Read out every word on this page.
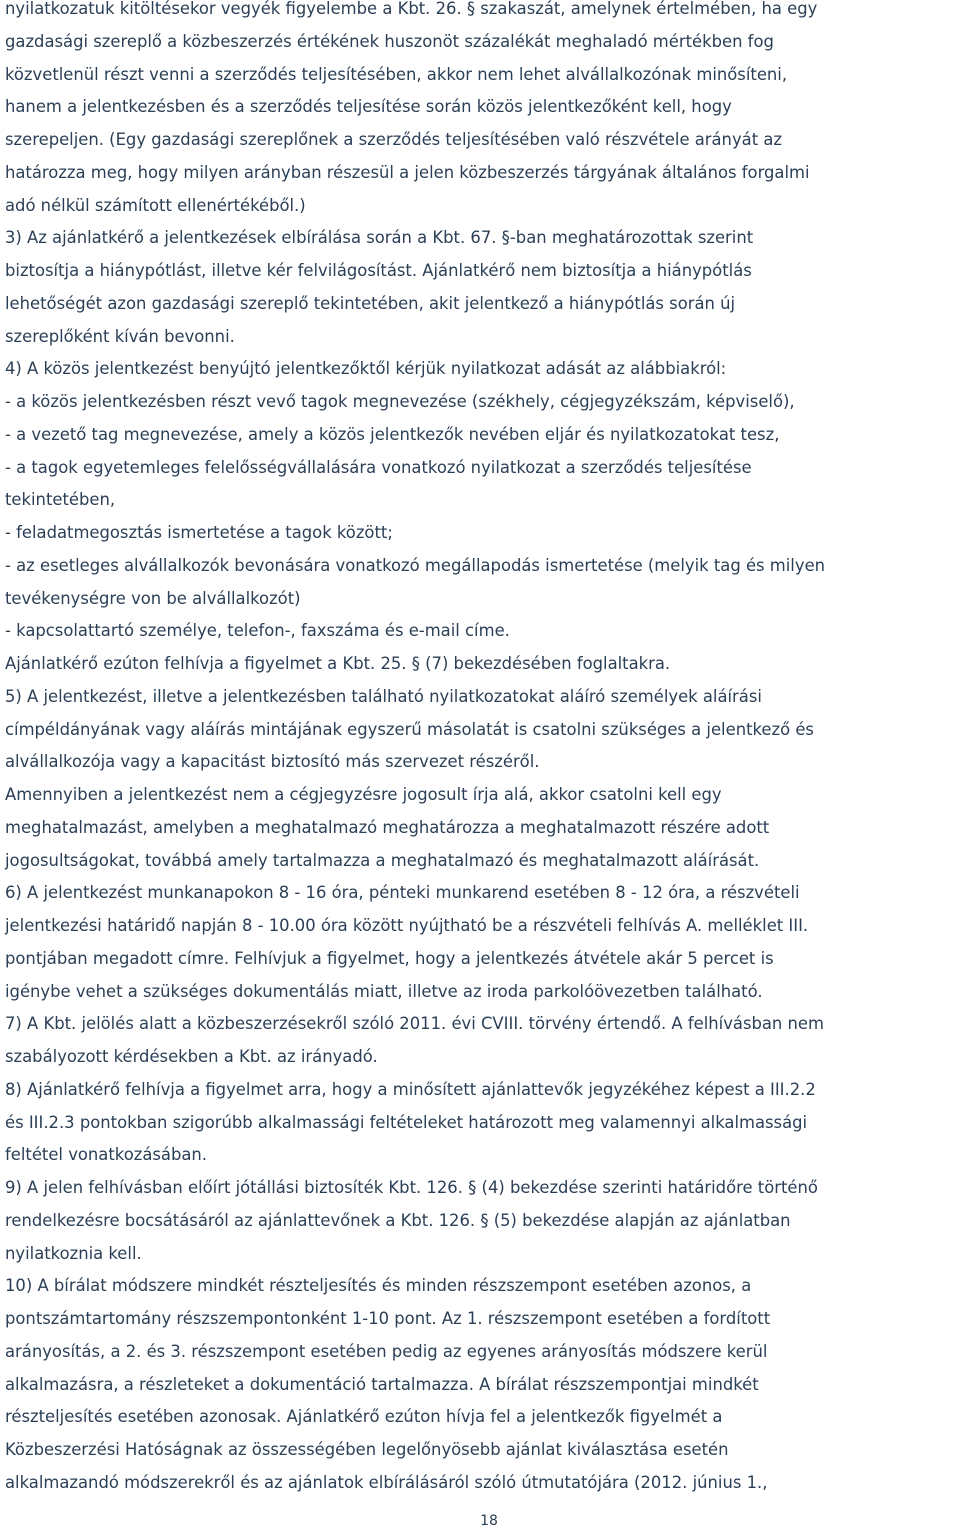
nyilatkozatuk kitöltésekor vegyék figyelembe a Kbt. 26. § szakaszát, amelynek értelmében, ha egy
gazdasági szereplő a közbeszerzés értékének huszonöt százalékát meghaladó mértékben fog
közvetlenül részt venni a szerződés teljesítésében, akkor nem lehet alvállalkozónak minősíteni,
hanem a jelentkezésben és a szerződés teljesítése során közös jelentkezőként kell, hogy
szerepeljen. (Egy gazdasági szereplőnek a szerződés teljesítésében való részvétele arányát az
határozza meg, hogy milyen arányban részesül a jelen közbeszerzés tárgyának általános forgalmi
adó nélkül számított ellenértékéből.)
3) Az ajánlatkérő a jelentkezések elbírálása során a Kbt. 67. §-ban meghatározottak szerint
biztosítja a hiánypótlást, illetve kér felvilágosítást. Ajánlatkérő nem biztosítja a hiánypótlás
lehetőségét azon gazdasági szereplő tekintetében, akit jelentkező a hiánypótlás során új
szereplőként kíván bevonni.
4) A közös jelentkezést benyújtó jelentkezőktől kérjük nyilatkozat adását az alábbiakról:
- a közös jelentkezésben részt vevő tagok megnevezése (székhely, cégjegyzékszám, képviselő),
- a vezető tag megnevezése, amely a közös jelentkezők nevében eljár és nyilatkozatokat tesz,
- a tagok egyetemleges felelősségvállalására vonatkozó nyilatkozat a szerződés teljesítése
tekintetében,
- feladatmegosztás ismertetése a tagok között;
- az esetleges alvállalkozók bevonására vonatkozó megállapodás ismertetése (melyik tag és milyen
tevékenységre von be alvállalkozót)
- kapcsolattartó személye, telefon-, faxszáma és e-mail címe.
Ajánlatkérő ezúton felhívja a figyelmet a Kbt. 25. § (7) bekezdésében foglaltakra.
5) A jelentkezést, illetve a jelentkezésben található nyilatkozatokat aláíró személyek aláírási
címpéldányának vagy aláírás mintájának egyszerű másolatát is csatolni szükséges a jelentkező és
alvállalkozója vagy a kapacitást biztosító más szervezet részéről.
Amennyiben a jelentkezést nem a cégjegyzésre jogosult írja alá, akkor csatolni kell egy
meghatalmazást, amelyben a meghatalmazó meghatározza a meghatalmazott részére adott
jogosultságokat, továbbá amely tartalmazza a meghatalmazó és meghatalmazott aláírását.
6) A jelentkezést munkanapokon 8 - 16 óra, pénteki munkarend esetében 8 - 12 óra, a részvételi
jelentkezési határidő napján 8 - 10.00 óra között nyújtható be a részvételi felhívás A. melléklet III.
pontjában megadott címre. Felhívjuk a figyelmet, hogy a jelentkezés átvétele akár 5 percet is
igénybe vehet a szükséges dokumentálás miatt, illetve az iroda parkolóövezetben található.
7) A Kbt. jelölés alatt a közbeszerzésekről szóló 2011. évi CVIII. törvény értendő. A felhívásban nem
szabályozott kérdésekben a Kbt. az irányadó.
8) Ajánlatkérő felhívja a figyelmet arra, hogy a minősített ajánlattevők jegyzékéhez képest a III.2.2
és III.2.3 pontokban szigorúbb alkalmassági feltételeket határozott meg valamennyi alkalmassági
feltétel vonatkozásában.
9) A jelen felhívásban előírt jótállási biztosíték Kbt. 126. § (4) bekezdése szerinti határidőre történő
rendelkezésre bocsátásáról az ajánlattevőnek a Kbt. 126. § (5) bekezdése alapján az ajánlatban
nyilatkoznia kell.
10) A bírálat módszere mindkét részteljesítés és minden részszempont esetében azonos, a
pontszámtartomány részszempontonként 1-10 pont. Az 1. részszempont esetében a fordított
arányosítás, a 2. és 3. részszempont esetében pedig az egyenes arányosítás módszere kerül
alkalmazásra, a részleteket a dokumentáció tartalmazza. A bírálat részszempontjai mindkét
részteljesítés esetében azonosak. Ajánlatkérő ezúton hívja fel a jelentkezők figyelmét a
Közbeszerzési Hatóságnak az összességében legelőnyösebb ajánlat kiválasztása esetén
alkalmazandó módszerekről és az ajánlatok elbírálásáról szóló útmutatójára (2012. június 1.,
18
